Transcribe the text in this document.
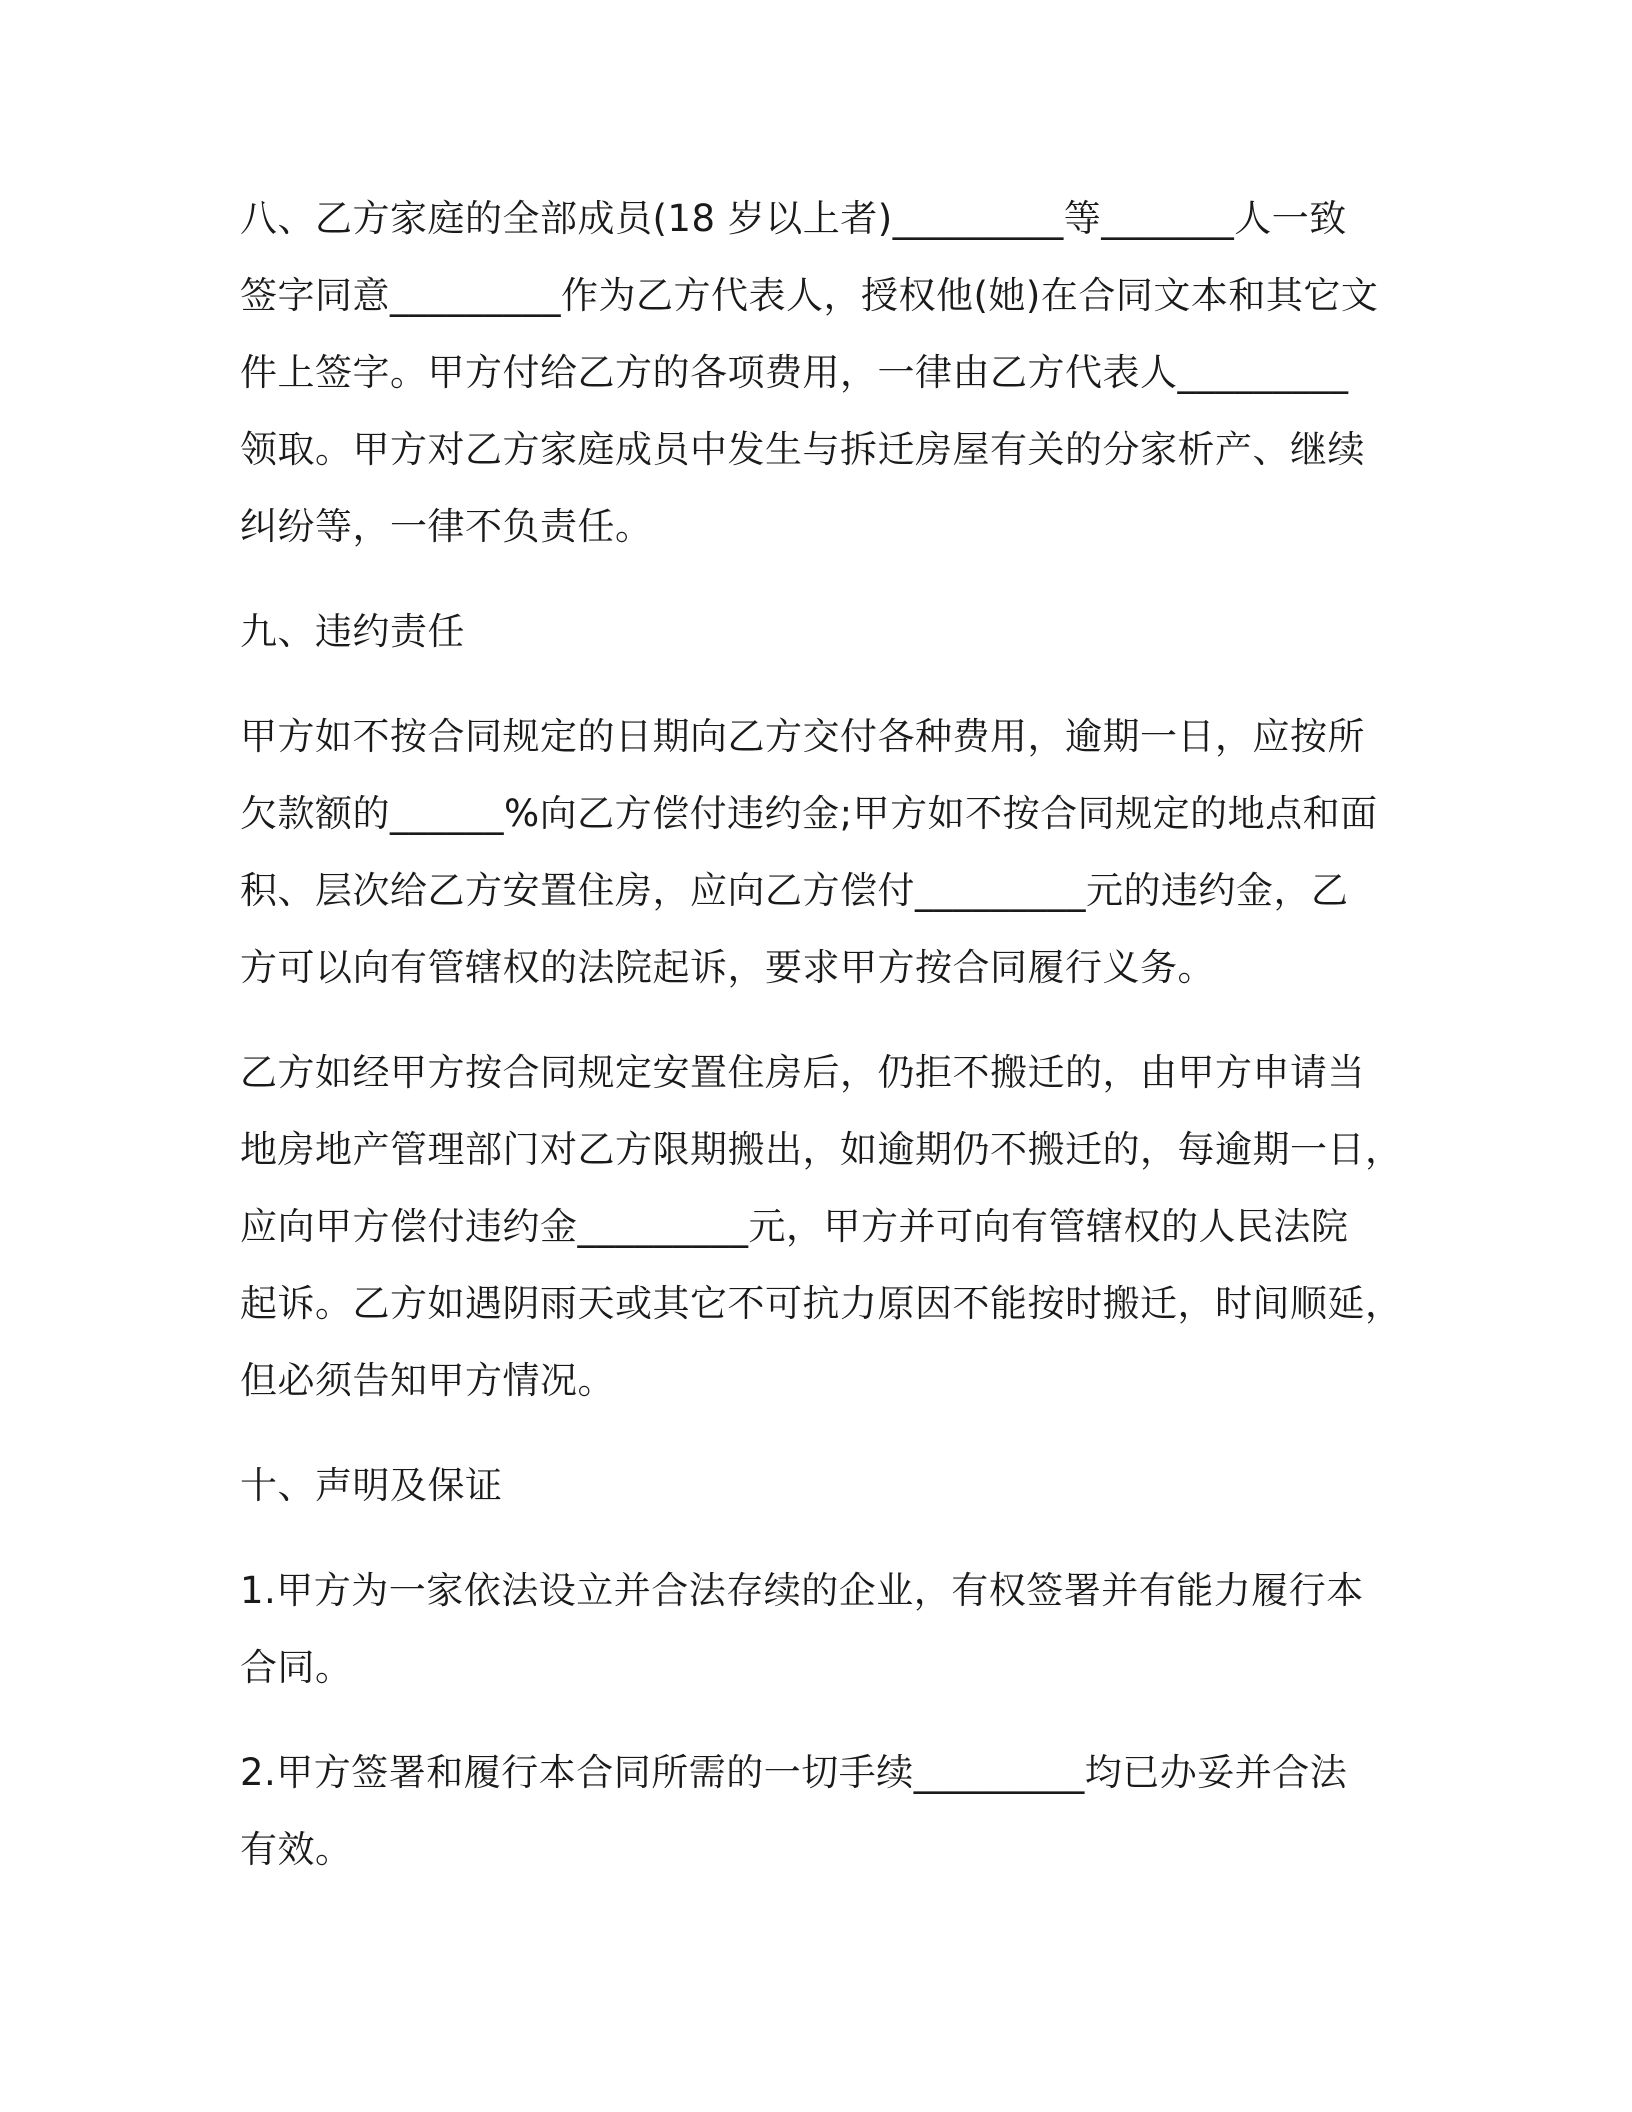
八、乙方家庭的全部成员(18 岁以上者)_________等_______人一致
签字同意_________作为乙方代表人，授权他(她)在合同文本和其它文
件上签字。甲方付给乙方的各项费用，一律由乙方代表人_________
领取。甲方对乙方家庭成员中发生与拆迁房屋有关的分家析产、继续
纠纷等，一律不负责任。
九、违约责任
甲方如不按合同规定的日期向乙方交付各种费用，逾期一日，应按所
欠款额的______%向乙方偿付违约金;甲方如不按合同规定的地点和面
积、层次给乙方安置住房，应向乙方偿付_________元的违约金，乙
方可以向有管辖权的法院起诉，要求甲方按合同履行义务。
乙方如经甲方按合同规定安置住房后，仍拒不搬迁的，由甲方申请当
地房地产管理部门对乙方限期搬出，如逾期仍不搬迁的，每逾期一日，
应向甲方偿付违约金_________元，甲方并可向有管辖权的人民法院
起诉。乙方如遇阴雨天或其它不可抗力原因不能按时搬迁，时间顺延，
但必须告知甲方情况。
十、声明及保证
1.甲方为一家依法设立并合法存续的企业，有权签署并有能力履行本
合同。
2.甲方签署和履行本合同所需的一切手续_________均已办妥并合法
有效。
